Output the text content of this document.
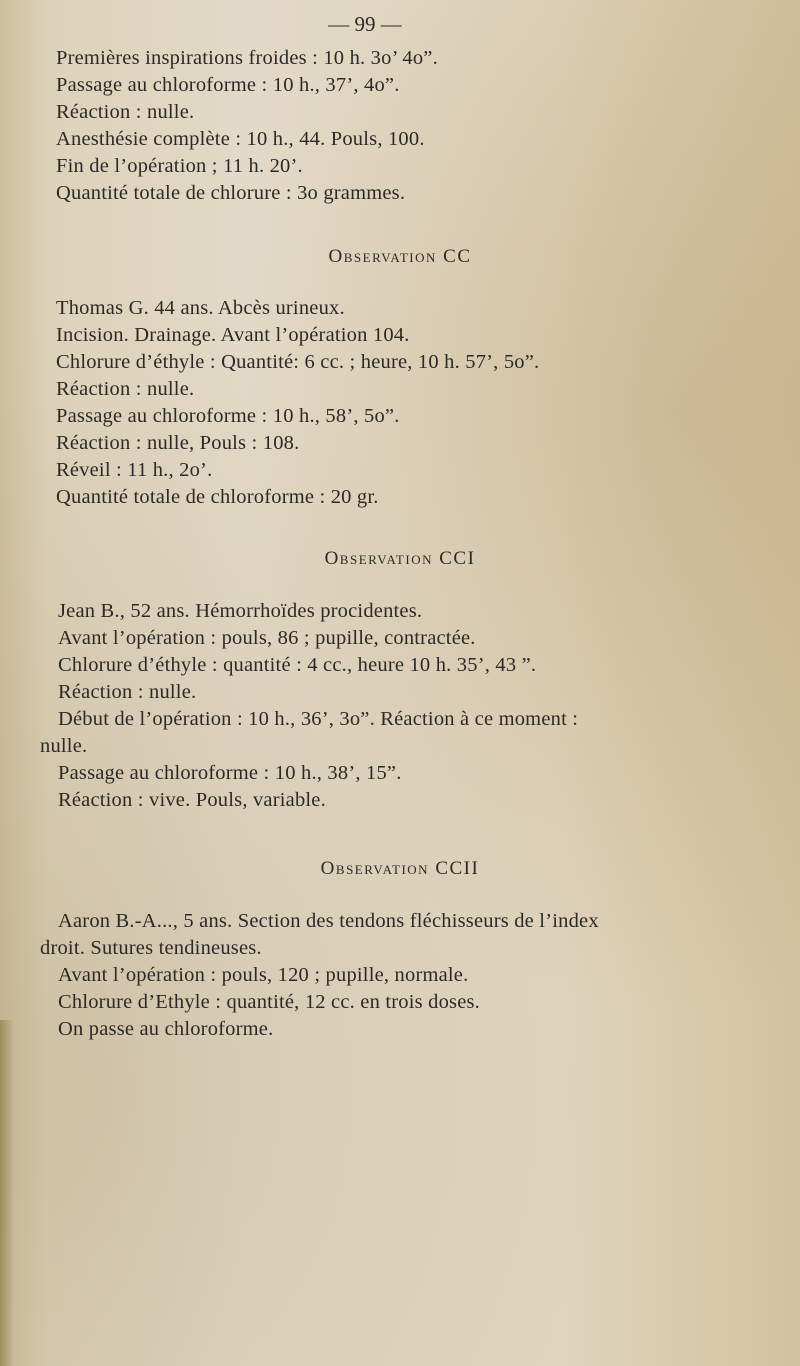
— 99 —
Premières inspirations froides : 10 h. 3o’ 4o”.
Passage au chloroforme : 10 h., 37’, 4o”.
Réaction : nulle.
Anesthésie complète : 10 h., 44. Pouls, 100.
Fin de l’opération ; 11 h. 20’.
Quantité totale de chlorure : 3o grammes.
Observation CC
Thomas G. 44 ans. Abcès urineux.
Incision. Drainage. Avant l’opération 104.
Chlorure d’éthyle : Quantité: 6 cc. ; heure, 10 h. 57’, 5o”.
Réaction : nulle.
Passage au chloroforme : 10 h., 58’, 5o”.
Réaction : nulle, Pouls : 108.
Réveil : 11 h., 2o’.
Quantité totale de chloroforme : 20 gr.
Observation CCI
Jean B., 52 ans. Hémorrhoïdes procidentes.
Avant l’opération : pouls, 86 ; pupille, contractée.
Chlorure d’éthyle : quantité : 4 cc., heure 10 h. 35’, 43 ”.
Réaction : nulle.
Début de l’opération : 10 h., 36’, 3o”. Réaction à ce moment :
nulle.
Passage au chloroforme : 10 h., 38’, 15”.
Réaction : vive. Pouls, variable.
Observation CCII
Aaron B.-A..., 5 ans. Section des tendons fléchisseurs de l’index
droit. Sutures tendineuses.
Avant l’opération : pouls, 120 ; pupille, normale.
Chlorure d’Ethyle : quantité, 12 cc. en trois doses.
On passe au chloroforme.
